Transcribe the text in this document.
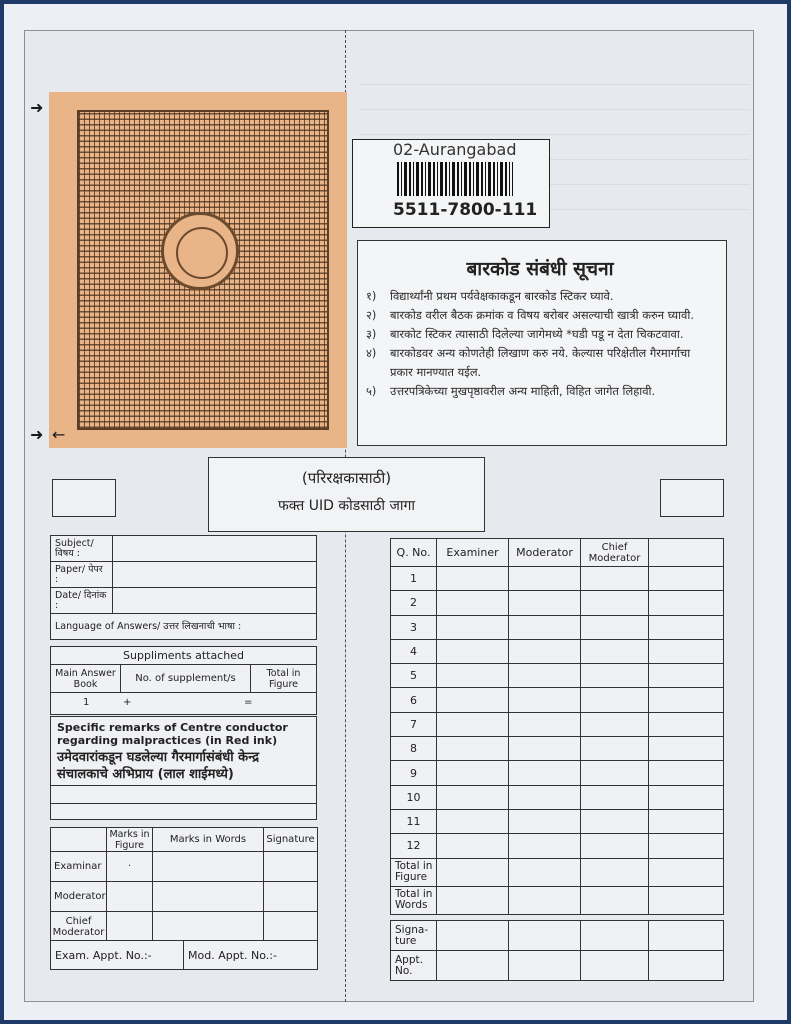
➜
➜ ←
02-Aurangabad
5511-7800-111
बारकोड संबंधी सूचना
१)	विद्यार्थ्यांनी प्रथम पर्यवेक्षकाकडून बारकोड स्टिकर घ्यावे.
२)	बारकोड वरील बैठक क्रमांक व विषय बरोबर असल्याची खात्री करुन घ्यावी.
३)	बारकोट स्टिकर त्यासाठी दिलेल्या जागेमध्ये *घडी पडू न देता चिकटवावा.
४)	बारकोडवर अन्य कोणतेही लिखाण करु नये. केल्यास परिक्षेतील गैरमार्गाचा प्रकार मानण्यात यईल.
५)	उत्तरपत्रिकेच्या मुखपृष्ठावरील अन्य माहिती, विहित जागेत लिहावी.
(परिरक्षकासाठी)
फक्त UID कोडसाठी जागा
Subject/ विषय :	
Paper/ पेपर :	
Date/ दिनांक :	
Language of Answers/ उत्तर लिखनाची भाषा :	
Suppliments attached
Main Answer Book	No. of supplement/s	Total in Figure

1	+	=
Specific remarks of Centre conductor regarding malpractices (in Red ink)
उमेदवारांकडून घडलेल्या गैरमार्गासंबंधी केन्द्र संचालकाचे अभिप्राय (लाल शाईमध्ये)
	Marks in Figure	Marks in Words	Signature
Examinar	·		
Moderator			
Chief Moderator			
Exam. Appt. No.:-	Mod. Appt. No.:-
Q. No.	Examiner	Moderator	Chief Moderator	
1				
2				
3				
4				
5				
6				
7				
8				
9				
10				
11				
12				
Total in Figure				
Total in Words				
Signa- ture				
Appt. No.				
